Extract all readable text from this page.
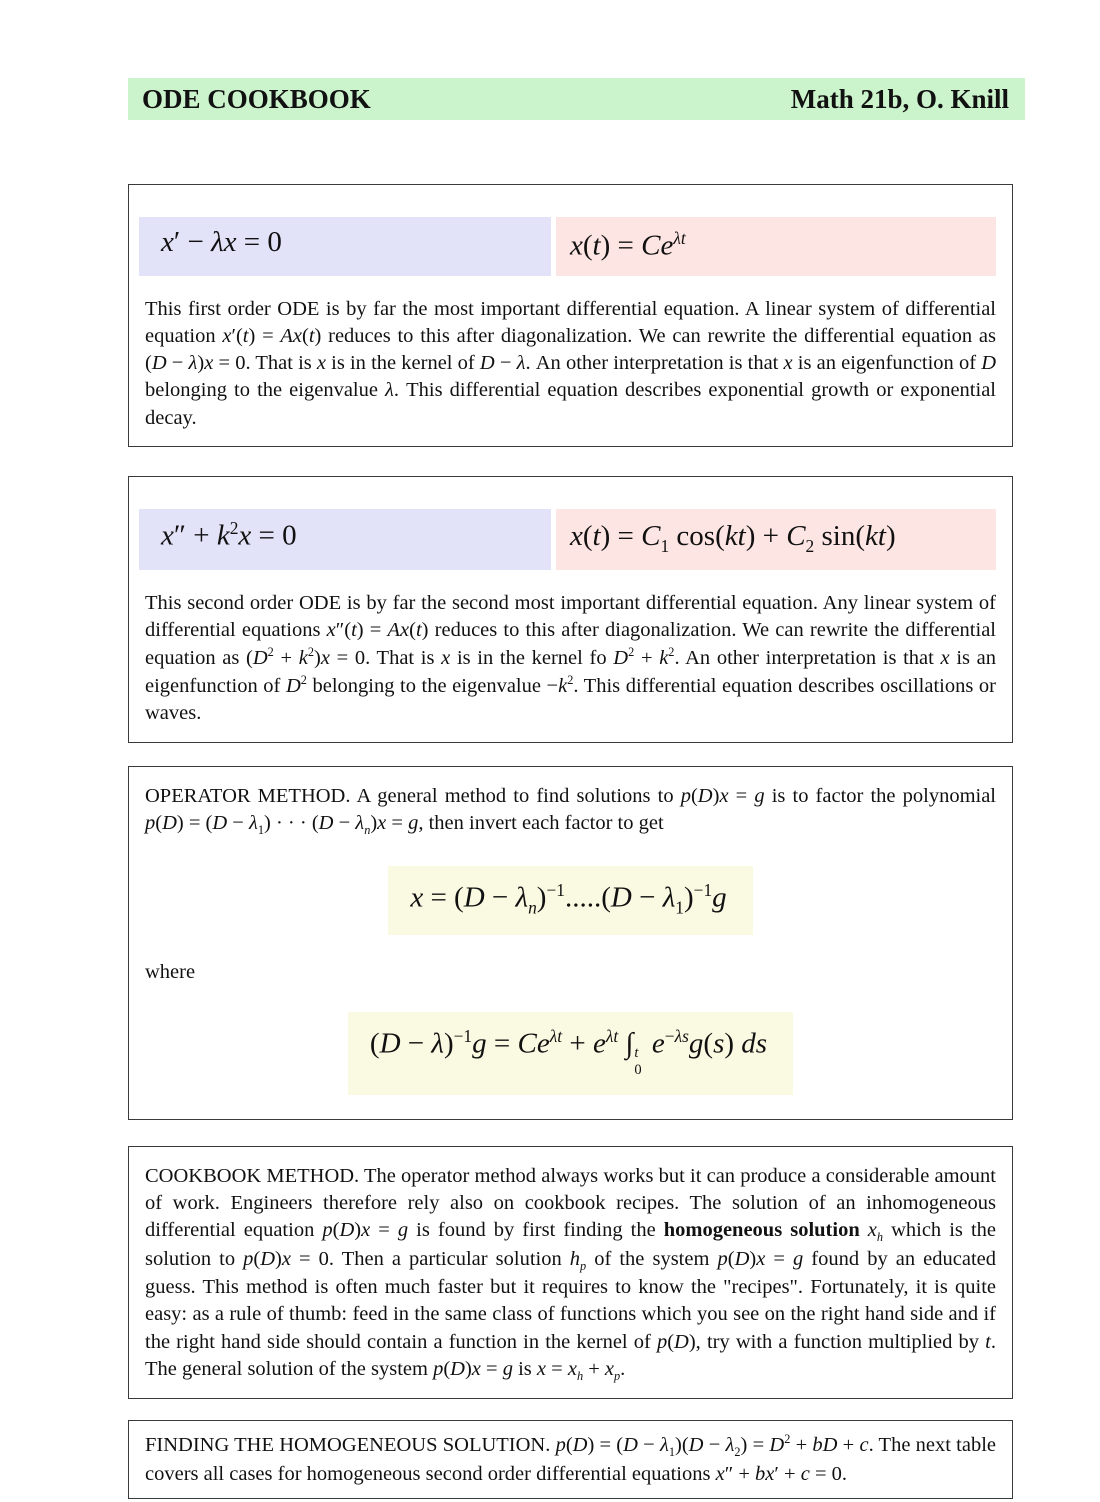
ODE COOKBOOK	Math 21b, O. Knill
x′ − λx = 0	$x(t) = Ce^{\lambda t}$
This first order ODE is by far the most important differential equation. A linear system of differential equation x′(t) = Ax(t) reduces to this after diagonalization. We can rewrite the differential equation as (D − λ)x = 0. That is x is in the kernel of D − λ. An other interpretation is that x is an eigenfunction of D belonging to the eigenvalue λ. This differential equation describes exponential growth or exponential decay.
$x'' + k^2x = 0$	$x(t) = C_1$ $\cos(kt) + C_2$ sin(kt)
This second order ODE is by far the second most important differential equation. Any linear system of differential equations x″(t) = Ax(t) reduces to this after diagonalization. We can rewrite the differential equation as $(D^2 + k^2)x = 0$. That is x is in the kernel fo $D^2 + k^2$. An other interpretation is that x is an eigenfunction of $D^2$ belonging to the eigenvalue $-k^2$. This differential equation describes oscillations or waves.
OPERATOR METHOD. A general method to find solutions to p(D)x = g is to factor the polynomial $p(D) = (D - \lambda_1)$ · · · $(D - \lambda_n)x = g$, then invert each factor to get
$x = (D - \lambda_n)^{-1}.....(D - \lambda_1)^{-1}g$
where
$(D - \lambda)^{-1}g = Ce^{\lambda t} + e^{\lambda t}$ ∫ t
0
$e^{-\lambda s}g(s)$ ds
COOKBOOK METHOD. The operator method always works but it can produce a considerable amount of work. Engineers therefore rely also on cookbook recipes. The solution of an inhomogeneous differential equation p(D)x = g is found by first finding the homogeneous solution $x_h$ which is the solution to p(D)x = 0. Then a particular solution $h_p$ of the system p(D)x = g found by an educated guess. This method is often much faster but it requires to know the "recipes". Fortunately, it is quite easy: as a rule of thumb: feed in the same class of functions which you see on the right hand side and if the right hand side should contain a function in the kernel of p(D), try with a function multiplied by t. The general solution of the system p(D)x = g is $x = x_h + x_p$.
FINDING THE HOMOGENEOUS SOLUTION. $p(D) = (D - \lambda_1)(D - \lambda_2) = D^2$ + bD + c. The next table covers all cases for homogeneous second order differential equations x″ + bx′ + c = 0.
